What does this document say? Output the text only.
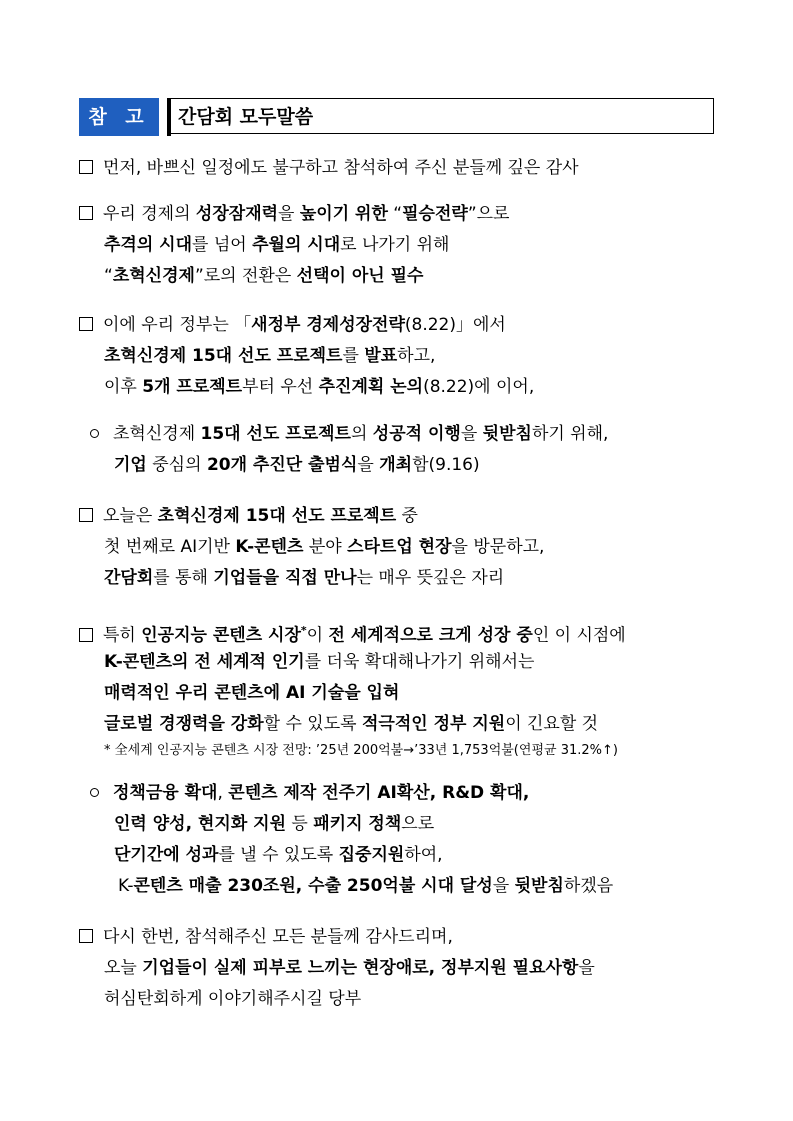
참 고	간담회 모두말씀
먼저, 바쁘신 일정에도 불구하고 참석하여 주신 분들께 깊은 감사
우리 경제의 성장잠재력을 높이기 위한 “필승전략”으로
추격의 시대를 넘어 추월의 시대로 나가기 위해
“초혁신경제”로의 전환은 선택이 아닌 필수
이에 우리 정부는 「새정부 경제성장전략(8.22)」에서
초혁신경제 15대 선도 프로젝트를 발표하고,
이후 5개 프로젝트부터 우선 추진계획 논의(8.22)에 이어,
초혁신경제 15대 선도 프로젝트의 성공적 이행을 뒷받침하기 위해,
기업 중심의 20개 추진단 출범식을 개최함(9.16)
오늘은 초혁신경제 15대 선도 프로젝트 중
첫 번째로 AI기반 K-콘텐츠 분야 스타트업 현장을 방문하고,
간담회를 통해 기업들을 직접 만나는 매우 뜻깊은 자리
특히 인공지능 콘텐츠 시장*이 전 세계적으로 크게 성장 중인 이 시점에
K-콘텐츠의 전 세계적 인기를 더욱 확대해나가기 위해서는
매력적인 우리 콘텐츠에 AI 기술을 입혀
글로벌 경쟁력을 강화할 수 있도록 적극적인 정부 지원이 긴요할 것
* 全세계 인공지능 콘텐츠 시장 전망: ’25년 200억불→’33년 1,753억불(연평균 31.2%↑)
정책금융 확대, 콘텐츠 제작 전주기 AI확산, R&D 확대,
인력 양성, 현지화 지원 등 패키지 정책으로
단기간에 성과를 낼 수 있도록 집중지원하여,
K-콘텐츠 매출 230조원, 수출 250억불 시대 달성을 뒷받침하겠음
다시 한번, 참석해주신 모든 분들께 감사드리며,
오늘 기업들이 실제 피부로 느끼는 현장애로, 정부지원 필요사항을
허심탄회하게 이야기해주시길 당부
